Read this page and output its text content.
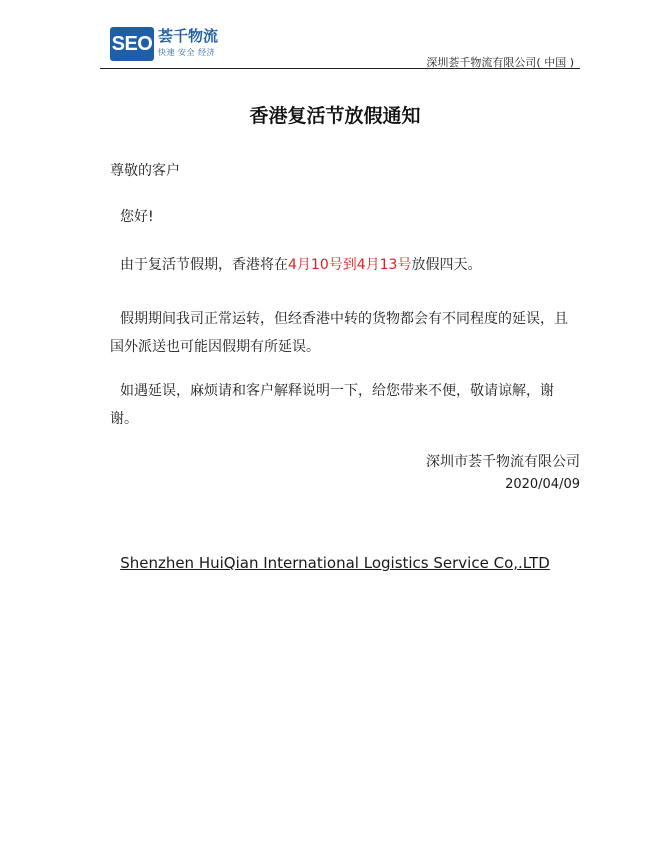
SEO 荟千物流
快速 安全 经济
深圳荟千物流有限公司( 中国 )
香港复活节放假通知
尊敬的客户
您好!
由于复活节假期，香港将在4月10号到4月13号放假四天。
假期期间我司正常运转，但经香港中转的货物都会有不同程度的延误，且国外派送也可能因假期有所延误。
如遇延误，麻烦请和客户解释说明一下，给您带来不便，敬请谅解，谢谢。
深圳市荟千物流有限公司
2020/04/09
Shenzhen HuiQian International Logistics Service Co,.LTD
